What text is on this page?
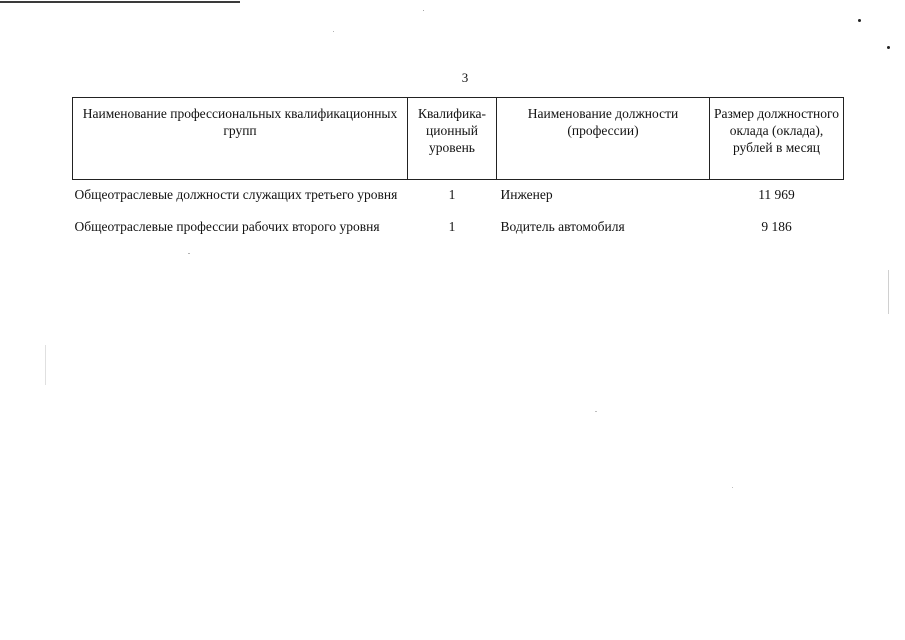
3
Наименование профессиональных квалификационных групп	Квалифика-ционный уровень	Наименование должности (профессии)	Размер должностного оклада (оклада), рублей в месяц
Общеотраслевые должности служащих третьего уровня	1	Инженер	11 969
Общеотраслевые профессии рабочих второго уровня	1	Водитель автомобиля	9 186
